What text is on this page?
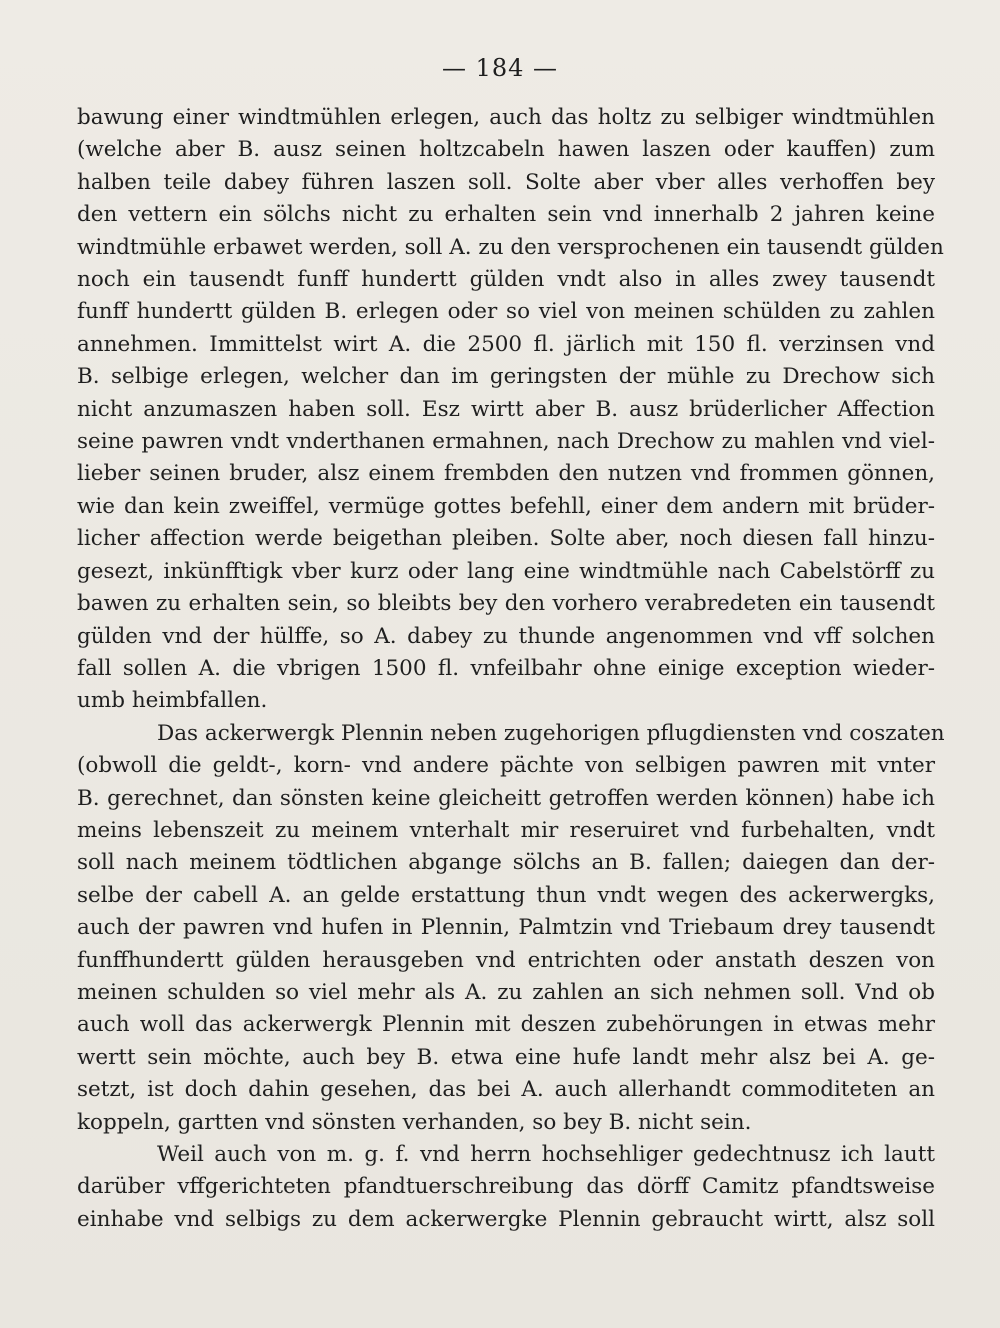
— 184 —
bawung einer windtmühlen erlegen, auch das holtz zu selbiger windtmühlen
(welche aber B. ausz seinen holtzcabeln hawen laszen oder kauffen) zum
halben teile dabey führen laszen soll. Solte aber vber alles verhoffen bey
den vettern ein sölchs nicht zu erhalten sein vnd innerhalb 2 jahren keine
windtmühle erbawet werden, soll A. zu den versprochenen ein tausendt gülden
noch ein tausendt funff hundertt gülden vndt also in alles zwey tausendt
funff hundertt gülden B. erlegen oder so viel von meinen schülden zu zahlen
annehmen. Immittelst wirt A. die 2500 fl. järlich mit 150 fl. verzinsen vnd
B. selbige erlegen, welcher dan im geringsten der mühle zu Drechow sich
nicht anzumaszen haben soll. Esz wirtt aber B. ausz brüderlicher Affection
seine pawren vndt vnderthanen ermahnen, nach Drechow zu mahlen vnd viel-
lieber seinen bruder, alsz einem frembden den nutzen vnd frommen gönnen,
wie dan kein zweiffel, vermüge gottes befehll, einer dem andern mit brüder-
licher affection werde beigethan pleiben. Solte aber, noch diesen fall hinzu-
gesezt, inkünfftigk vber kurz oder lang eine windtmühle nach Cabelstörff zu
bawen zu erhalten sein, so bleibts bey den vorhero verabredeten ein tausendt
gülden vnd der hülffe, so A. dabey zu thunde angenommen vnd vff solchen
fall sollen A. die vbrigen 1500 fl. vnfeilbahr ohne einige exception wieder-
umb heimbfallen.
Das ackerwergk Plennin neben zugehorigen pflugdiensten vnd coszaten
(obwoll die geldt-, korn- vnd andere pächte von selbigen pawren mit vnter
B. gerechnet, dan sönsten keine gleicheitt getroffen werden können) habe ich
meins lebenszeit zu meinem vnterhalt mir reseruiret vnd furbehalten, vndt
soll nach meinem tödtlichen abgange sölchs an B. fallen; daiegen dan der-
selbe der cabell A. an gelde erstattung thun vndt wegen des ackerwergks,
auch der pawren vnd hufen in Plennin, Palmtzin vnd Triebaum drey tausendt
funffhundertt gülden herausgeben vnd entrichten oder anstath deszen von
meinen schulden so viel mehr als A. zu zahlen an sich nehmen soll. Vnd ob
auch woll das ackerwergk Plennin mit deszen zubehörungen in etwas mehr
wertt sein möchte, auch bey B. etwa eine hufe landt mehr alsz bei A. ge-
setzt, ist doch dahin gesehen, das bei A. auch allerhandt commoditeten an
koppeln, gartten vnd sönsten verhanden, so bey B. nicht sein.
Weil auch von m. g. f. vnd herrn hochsehliger gedechtnusz ich lautt
darüber vffgerichteten pfandtuerschreibung das dörff Camitz pfandtsweise
einhabe vnd selbigs zu dem ackerwergke Plennin gebraucht wirtt, alsz soll
